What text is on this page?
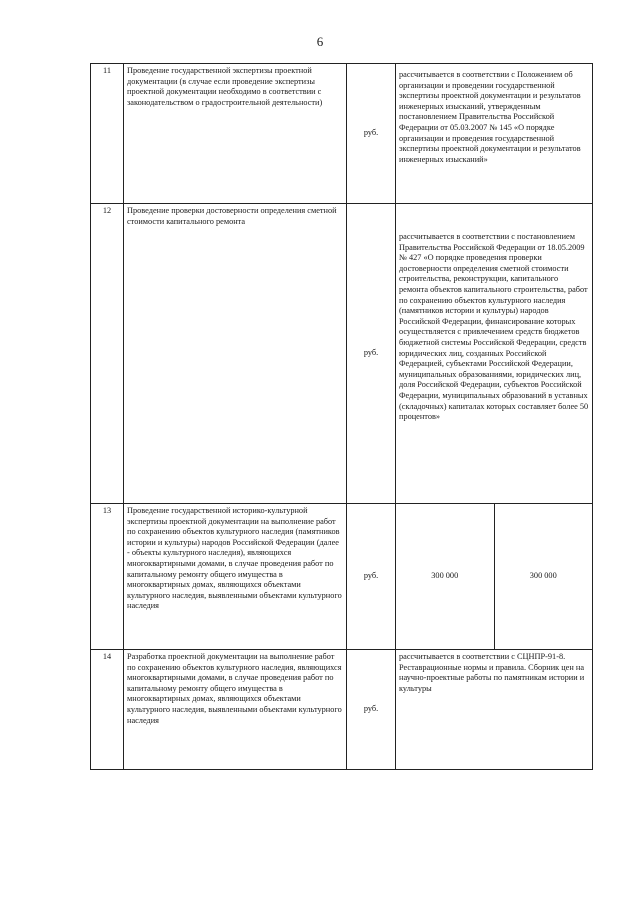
6
11	Проведение государственной экспертизы проектной документации (в случае если проведение экспертизы проектной документации необходимо в соответствии с законодательством о градостроительной деятельности)	руб.	рассчитывается в соответствии с Положением об организации и проведении государственной экспертизы проектной документации и результатов инженерных изысканий, утвержденным постановлением Правительства Российской Федерации от 05.03.2007 № 145 «О порядке организации и проведения государственной экспертизы проектной документации и результатов инженерных изысканий»	

12	Проведение проверки достоверности определения сметной стоимости капитального ремонта	руб.	рассчитывается в соответствии с постановлением Правительства Российской Федерации от 18.05.2009 № 427 «О порядке проведения проверки достоверности определения сметной стоимости строительства, реконструкции, капитального ремонта объектов капитального строительства, работ по сохранению объектов культурного наследия (памятников истории и культуры) народов Российской Федерации, финансирование которых осуществляется с привлечением средств бюджетов бюджетной системы Российской Федерации, средств юридических лиц, созданных Российской Федерацией, субъектами Российской Федерации, муниципальных образованиями, юридических лиц, доля Российской Федерации, субъектов Российской Федерации, муниципальных образований в уставных (складочных) капиталах которых составляет более 50 процентов»	

13	Проведение государственной историко-культурной экспертизы проектной документации на выполнение работ по сохранению объектов культурного наследия (памятников истории и культуры) народов Российской Федерации (далее - объекты культурного наследия), являющихся многоквартирными домами, в случае проведения работ по капитальному ремонту общего имущества в многоквартирных домах, являющихся объектами культурного наследия, выявленными объектами культурного наследия	руб.	300 000	300 000
14	Разработка проектной документации на выполнение работ по сохранению объектов культурного наследия, являющихся многоквартирными домами, в случае проведения работ по капитальному ремонту общего имущества в многоквартирных домах, являющихся объектами культурного наследия, выявленными объектами культурного наследия	руб.	рассчитывается в соответствии с СЦНПР-91-8. Реставрационные нормы и правила. Сборник цен на научно-проектные работы по памятникам истории и культуры	
